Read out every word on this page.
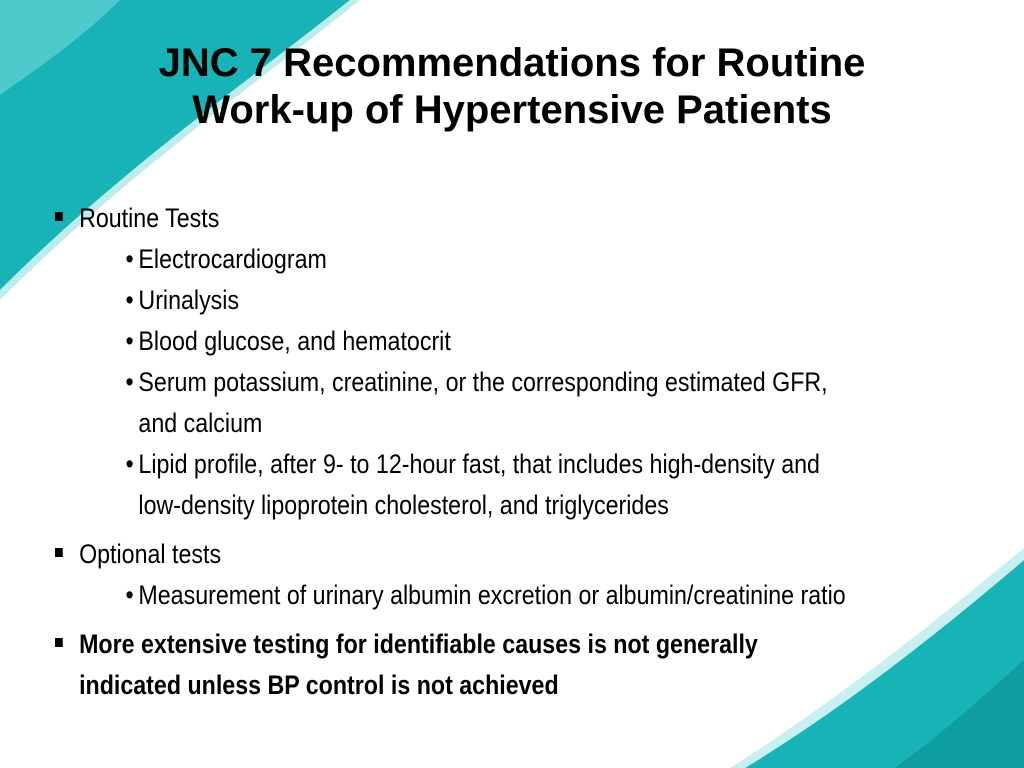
JNC 7 Recommendations for Routine
Work-up of Hypertensive Patients
Routine Tests
• Electrocardiogram
• Urinalysis
• Blood glucose, and hematocrit
• Serum potassium, creatinine, or the corresponding estimated GFR, and calcium
• Lipid profile, after 9- to 12-hour fast, that includes high-density and low-density lipoprotein cholesterol, and triglycerides
Optional tests
• Measurement of urinary albumin excretion or albumin/creatinine ratio
More extensive testing for identifiable causes is not generally indicated unless BP control is not achieved
